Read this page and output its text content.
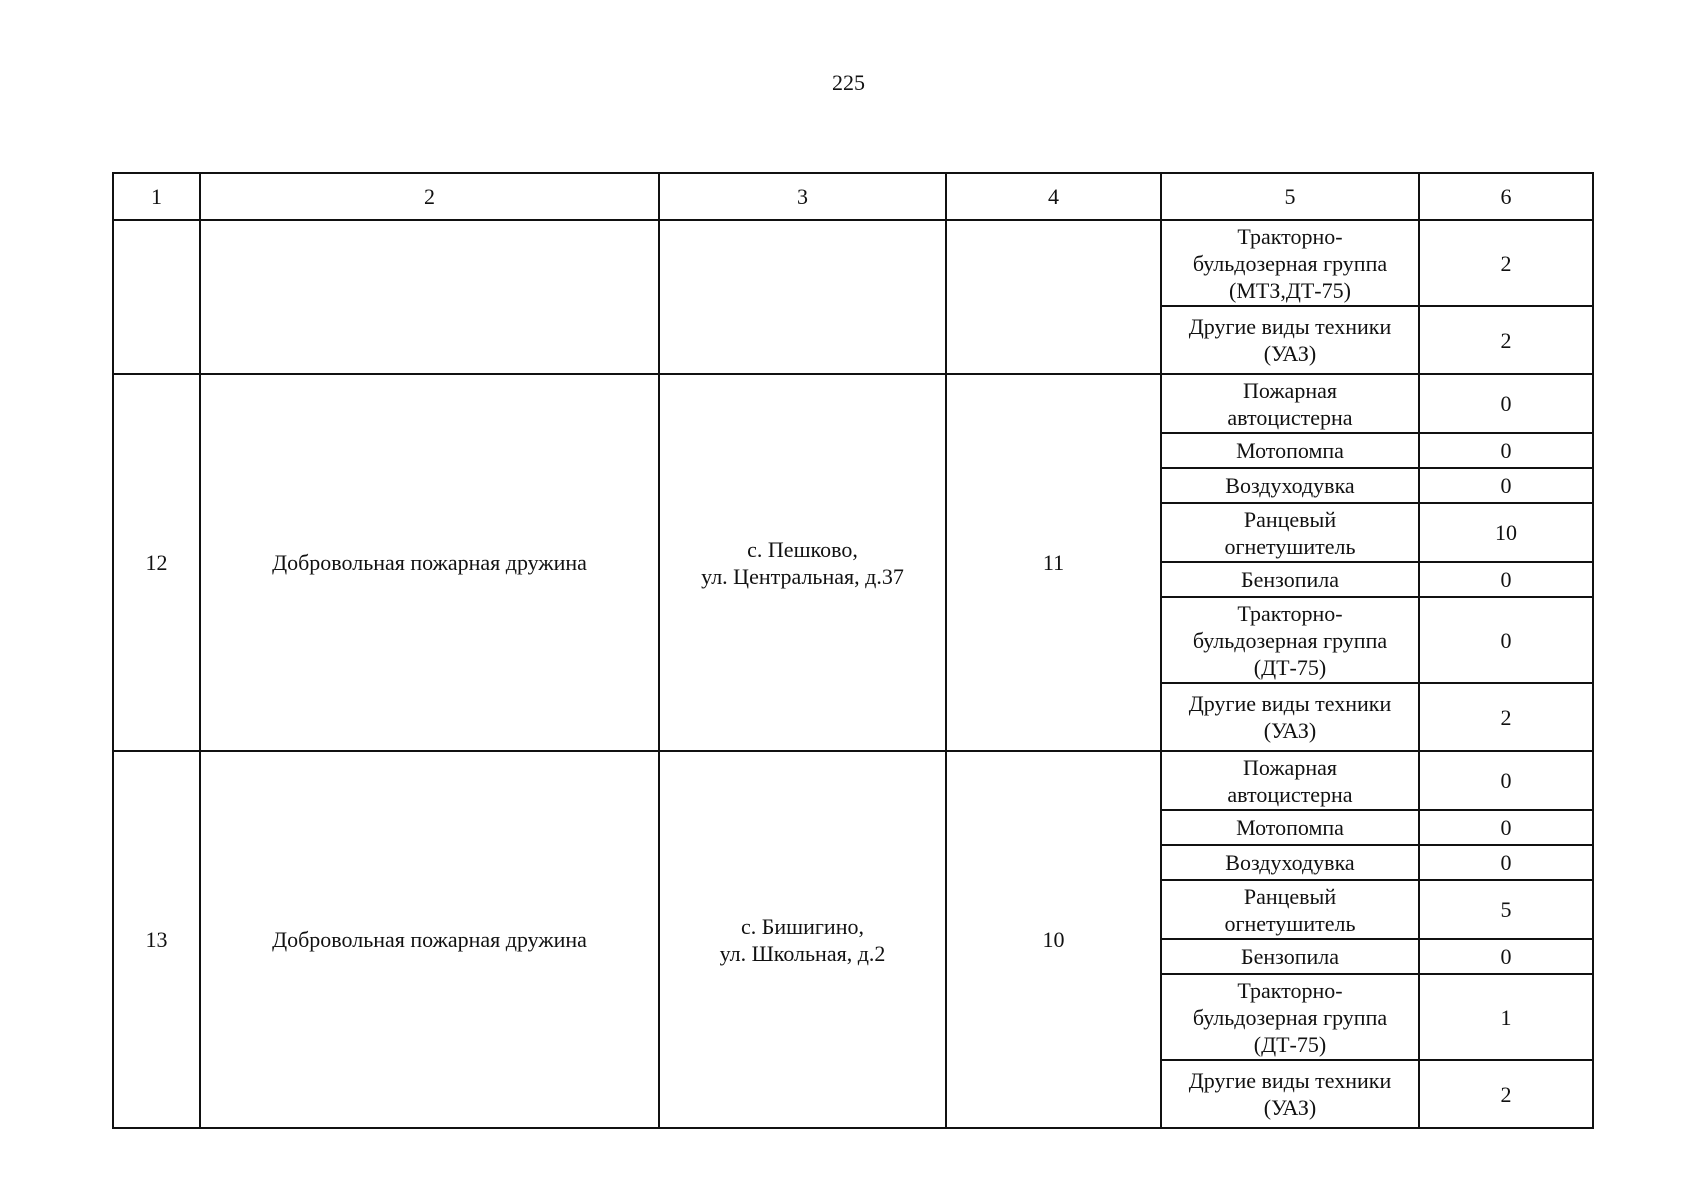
225
1	2	3	4	5	6
				Тракторно-
бульдозерная группа
(МТЗ,ДТ-75)	2
				Другие виды техники
(УАЗ)	2
12	Добровольная пожарная дружина	с. Пешково,
ул. Центральная, д.37	11	Пожарная
автоцистерна	0
				Мотопомпа	0
				Воздуходувка	0
				Ранцевый
огнетушитель	10
				Бензопила	0
				Тракторно-
бульдозерная группа
(ДТ-75)	0
				Другие виды техники
(УАЗ)	2
13	Добровольная пожарная дружина	с. Бишигино,
ул. Школьная, д.2	10	Пожарная
автоцистерна	0
				Мотопомпа	0
				Воздуходувка	0
				Ранцевый
огнетушитель	5
				Бензопила	0
				Тракторно-
бульдозерная группа
(ДТ-75)	1
				Другие виды техники
(УАЗ)	2
